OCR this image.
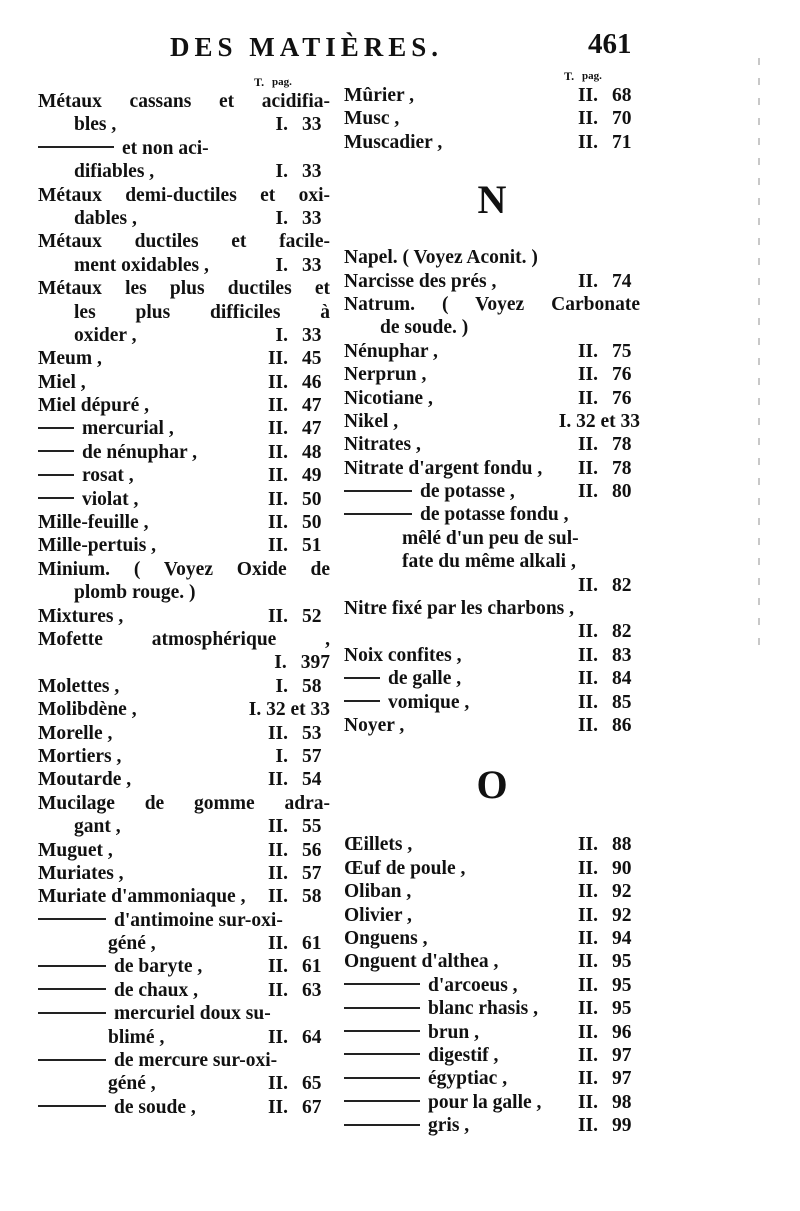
DES MATIÈRES.	461
T. pag.
Métaux cassans et acidifia-
bles ,	I. 33
et non aci-
difiables ,	I. 33
Métaux demi-ductiles et oxi-
dables ,	I. 33
Métaux ductiles et facile-
ment oxidables ,	I. 33
Métaux les plus ductiles et
les plus difficiles à
oxider ,	I. 33
Meum ,	II. 45
Miel ,	II. 46
Miel dépuré ,	II. 47
mercurial ,	II. 47
de nénuphar ,	II. 48
rosat ,	II. 49
violat ,	II. 50
Mille-feuille ,	II. 50
Mille-pertuis ,	II. 51
Minium. ( Voyez Oxide de
plomb rouge. )
Mixtures ,	II. 52
Mofette atmosphérique ,
I. 397
Molettes ,	I. 58
Molibdène ,	I. 32 et 33
Morelle ,	II. 53
Mortiers ,	I. 57
Moutarde ,	II. 54
Mucilage de gomme adra-
gant ,	II. 55
Muguet ,	II. 56
Muriates ,	II. 57
Muriate d'ammoniaque ,	II. 58
d'antimoine sur-oxi-
géné ,	II. 61
de baryte ,	II. 61
de chaux ,	II. 63
mercuriel doux su-
blimé ,	II. 64
de mercure sur-oxi-
géné ,	II. 65
de soude ,	II. 67
T. pag.
Mûrier ,	II. 68
Musc ,	II. 70
Muscadier ,	II. 71
N
Napel. ( Voyez Aconit. )
Narcisse des prés ,	II. 74
Natrum. ( Voyez Carbonate
de soude. )
Nénuphar ,	II. 75
Nerprun ,	II. 76
Nicotiane ,	II. 76
Nikel ,	I. 32 et 33
Nitrates ,	II. 78
Nitrate d'argent fondu ,	II. 78
de potasse ,	II. 80
de potasse fondu ,
mêlé d'un peu de sul-
fate du même alkali ,
II. 82
Nitre fixé par les charbons ,
II. 82
Noix confites ,	II. 83
de galle ,	II. 84
vomique ,	II. 85
Noyer ,	II. 86
O
Œillets ,	II. 88
Œuf de poule ,	II. 90
Oliban ,	II. 92
Olivier ,	II. 92
Onguens ,	II. 94
Onguent d'althea ,	II. 95
d'arcoeus ,	II. 95
blanc rhasis ,	II. 95
brun ,	II. 96
digestif ,	II. 97
égyptiac ,	II. 97
pour la galle ,	II. 98
gris ,	II. 99
